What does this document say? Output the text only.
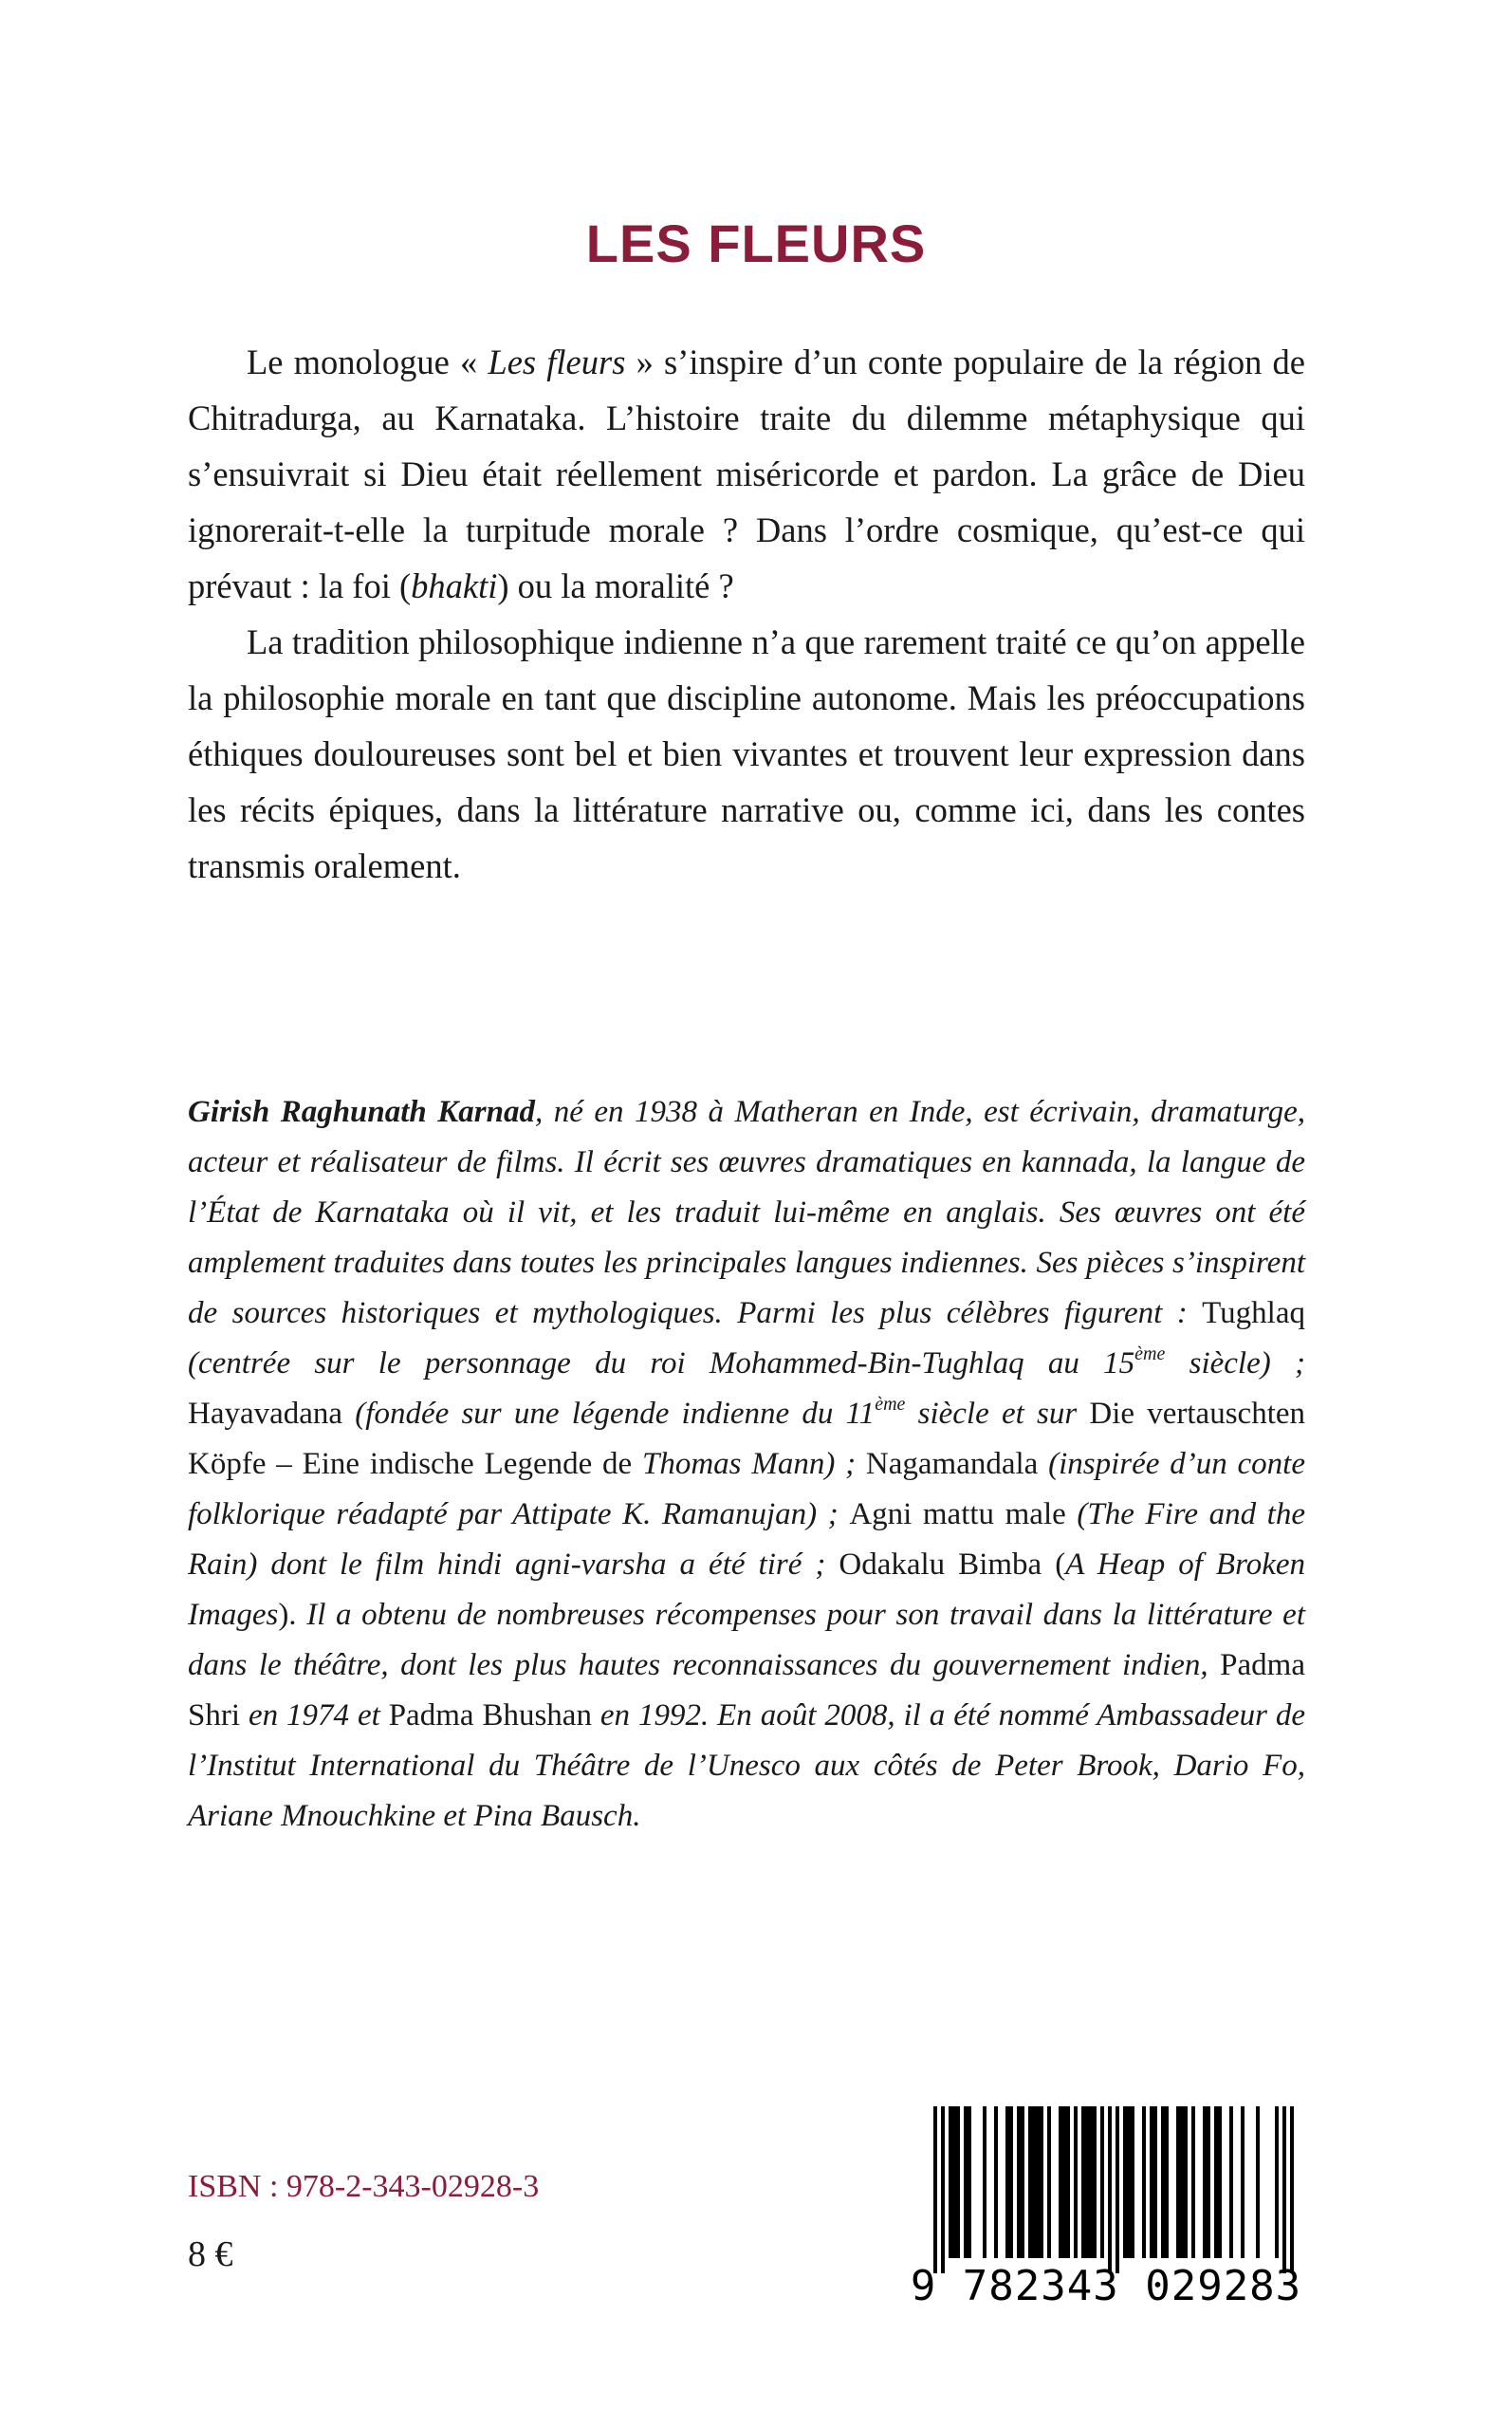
LES FLEURS

Le monologue « Les fleurs » s’inspire d’un conte populaire de la région de Chitradurga, au Karnataka. L’histoire traite du dilemme métaphysique qui s’ensuivrait si Dieu était réellement miséricorde et pardon. La grâce de Dieu ignorerait-t-elle la turpitude morale ? Dans l’ordre cosmique, qu’est-ce qui prévaut : la foi (bhakti) ou la moralité ?

La tradition philosophique indienne n’a que rarement traité ce qu’on appelle la philosophie morale en tant que discipline autonome. Mais les préoccupations éthiques douloureuses sont bel et bien vivantes et trouvent leur expression dans les récits épiques, dans la littérature narrative ou, comme ici, dans les contes transmis oralement.

Girish Raghunath Karnad, né en 1938 à Matheran en Inde, est écrivain, dramaturge, acteur et réalisateur de films. Il écrit ses œuvres dramatiques en kannada, la langue de l’État de Karnataka où il vit, et les traduit lui-même en anglais. Ses œuvres ont été amplement traduites dans toutes les principales langues indiennes. Ses pièces s’inspirent de sources historiques et mythologiques. Parmi les plus célèbres figurent : Tughlaq (centrée sur le personnage du roi Mohammed-Bin-Tughlaq au 15ème siècle) ; Hayavadana (fondée sur une légende indienne du 11ème siècle et sur Die vertauschten Köpfe – Eine indische Legende de Thomas Mann) ; Nagamandala (inspirée d’un conte folklorique réadapté par Attipate K. Ramanujan) ; Agni mattu male (The Fire and the Rain) dont le film hindi agni-varsha a été tiré ; Odakalu Bimba (A Heap of Broken Images). Il a obtenu de nombreuses récompenses pour son travail dans la littérature et dans le théâtre, dont les plus hautes reconnaissances du gouvernement indien, Padma Shri en 1974 et Padma Bhushan en 1992. En août 2008, il a été nommé Ambassadeur de l’Institut International du Théâtre de l’Unesco aux côtés de Peter Brook, Dario Fo, Ariane Mnouchkine et Pina Bausch.

ISBN : 978-2-343-02928-3
8 €
9 782343 029283
